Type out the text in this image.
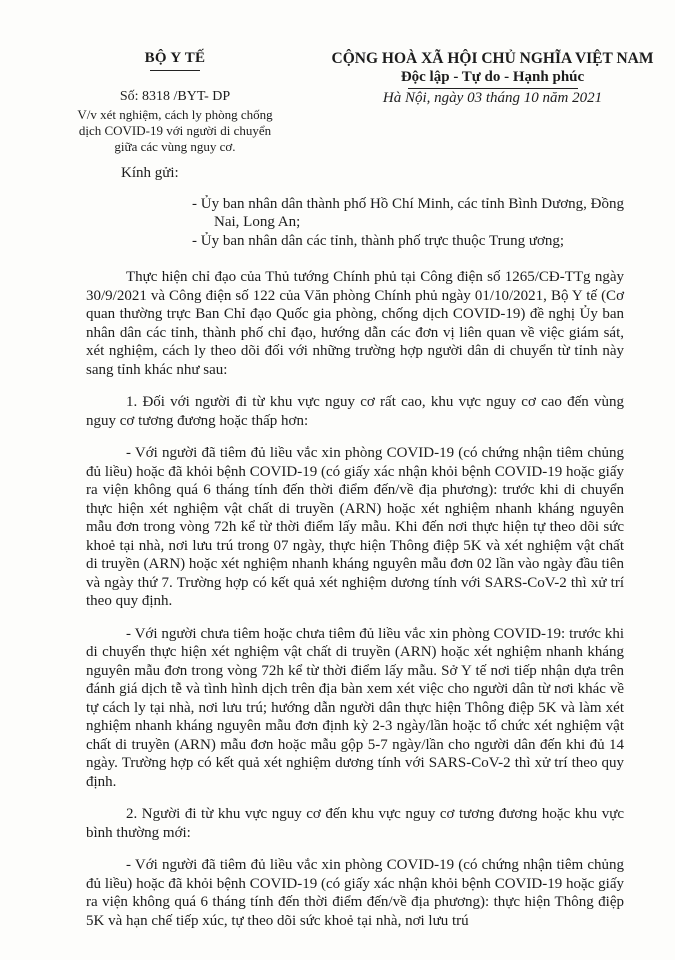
BỘ Y TẾ
Số: 8318 /BYT- DP
V/v xét nghiệm, cách ly phòng chống
dịch COVID-19 với người di chuyển
giữa các vùng nguy cơ.
CỘNG HOÀ XÃ HỘI CHỦ NGHĨA VIỆT NAM
Độc lập - Tự do - Hạnh phúc
Hà Nội, ngày 03 tháng 10 năm 2021
Kính gửi:
- Ủy ban nhân dân thành phố Hồ Chí Minh, các tỉnh Bình Dương, Đồng Nai, Long An;
- Ủy ban nhân dân các tỉnh, thành phố trực thuộc Trung ương;

Thực hiện chỉ đạo của Thủ tướng Chính phủ tại Công điện số 1265/CĐ-TTg ngày 30/9/2021 và Công điện số 122 của Văn phòng Chính phủ ngày 01/10/2021, Bộ Y tế (Cơ quan thường trực Ban Chỉ đạo Quốc gia phòng, chống dịch COVID-19) đề nghị Ủy ban nhân dân các tỉnh, thành phố chỉ đạo, hướng dẫn các đơn vị liên quan về việc giám sát, xét nghiệm, cách ly theo dõi đối với những trường hợp người dân di chuyển từ tỉnh này sang tỉnh khác như sau:

1. Đối với người đi từ khu vực nguy cơ rất cao, khu vực nguy cơ cao đến vùng nguy cơ tương đương hoặc thấp hơn:

- Với người đã tiêm đủ liều vắc xin phòng COVID-19 (có chứng nhận tiêm chủng đủ liều) hoặc đã khỏi bệnh COVID-19 (có giấy xác nhận khỏi bệnh COVID-19 hoặc giấy ra viện không quá 6 tháng tính đến thời điểm đến/về địa phương): trước khi di chuyển thực hiện xét nghiệm vật chất di truyền (ARN) hoặc xét nghiệm nhanh kháng nguyên mẫu đơn trong vòng 72h kể từ thời điểm lấy mẫu. Khi đến nơi thực hiện tự theo dõi sức khoẻ tại nhà, nơi lưu trú trong 07 ngày, thực hiện Thông điệp 5K và xét nghiệm vật chất di truyền (ARN) hoặc xét nghiệm nhanh kháng nguyên mẫu đơn 02 lần vào ngày đầu tiên và ngày thứ 7. Trường hợp có kết quả xét nghiệm dương tính với SARS-CoV-2 thì xử trí theo quy định.

- Với người chưa tiêm hoặc chưa tiêm đủ liều vắc xin phòng COVID-19: trước khi di chuyển thực hiện xét nghiệm vật chất di truyền (ARN) hoặc xét nghiệm nhanh kháng nguyên mẫu đơn trong vòng 72h kể từ thời điểm lấy mẫu. Sở Y tế nơi tiếp nhận dựa trên đánh giá dịch tễ và tình hình dịch trên địa bàn xem xét việc cho người dân từ nơi khác về tự cách ly tại nhà, nơi lưu trú; hướng dẫn người dân thực hiện Thông điệp 5K và làm xét nghiệm nhanh kháng nguyên mẫu đơn định kỳ 2-3 ngày/lần hoặc tổ chức xét nghiệm vật chất di truyền (ARN) mẫu đơn hoặc mẫu gộp 5-7 ngày/lần cho người dân đến khi đủ 14 ngày. Trường hợp có kết quả xét nghiệm dương tính với SARS-CoV-2 thì xử trí theo quy định.

2. Người đi từ khu vực nguy cơ đến khu vực nguy cơ tương đương hoặc khu vực bình thường mới:

- Với người đã tiêm đủ liều vắc xin phòng COVID-19 (có chứng nhận tiêm chủng đủ liều) hoặc đã khỏi bệnh COVID-19 (có giấy xác nhận khỏi bệnh COVID-19 hoặc giấy ra viện không quá 6 tháng tính đến thời điểm đến/về địa phương): thực hiện Thông điệp 5K và hạn chế tiếp xúc, tự theo dõi sức khoẻ tại nhà, nơi lưu trú
